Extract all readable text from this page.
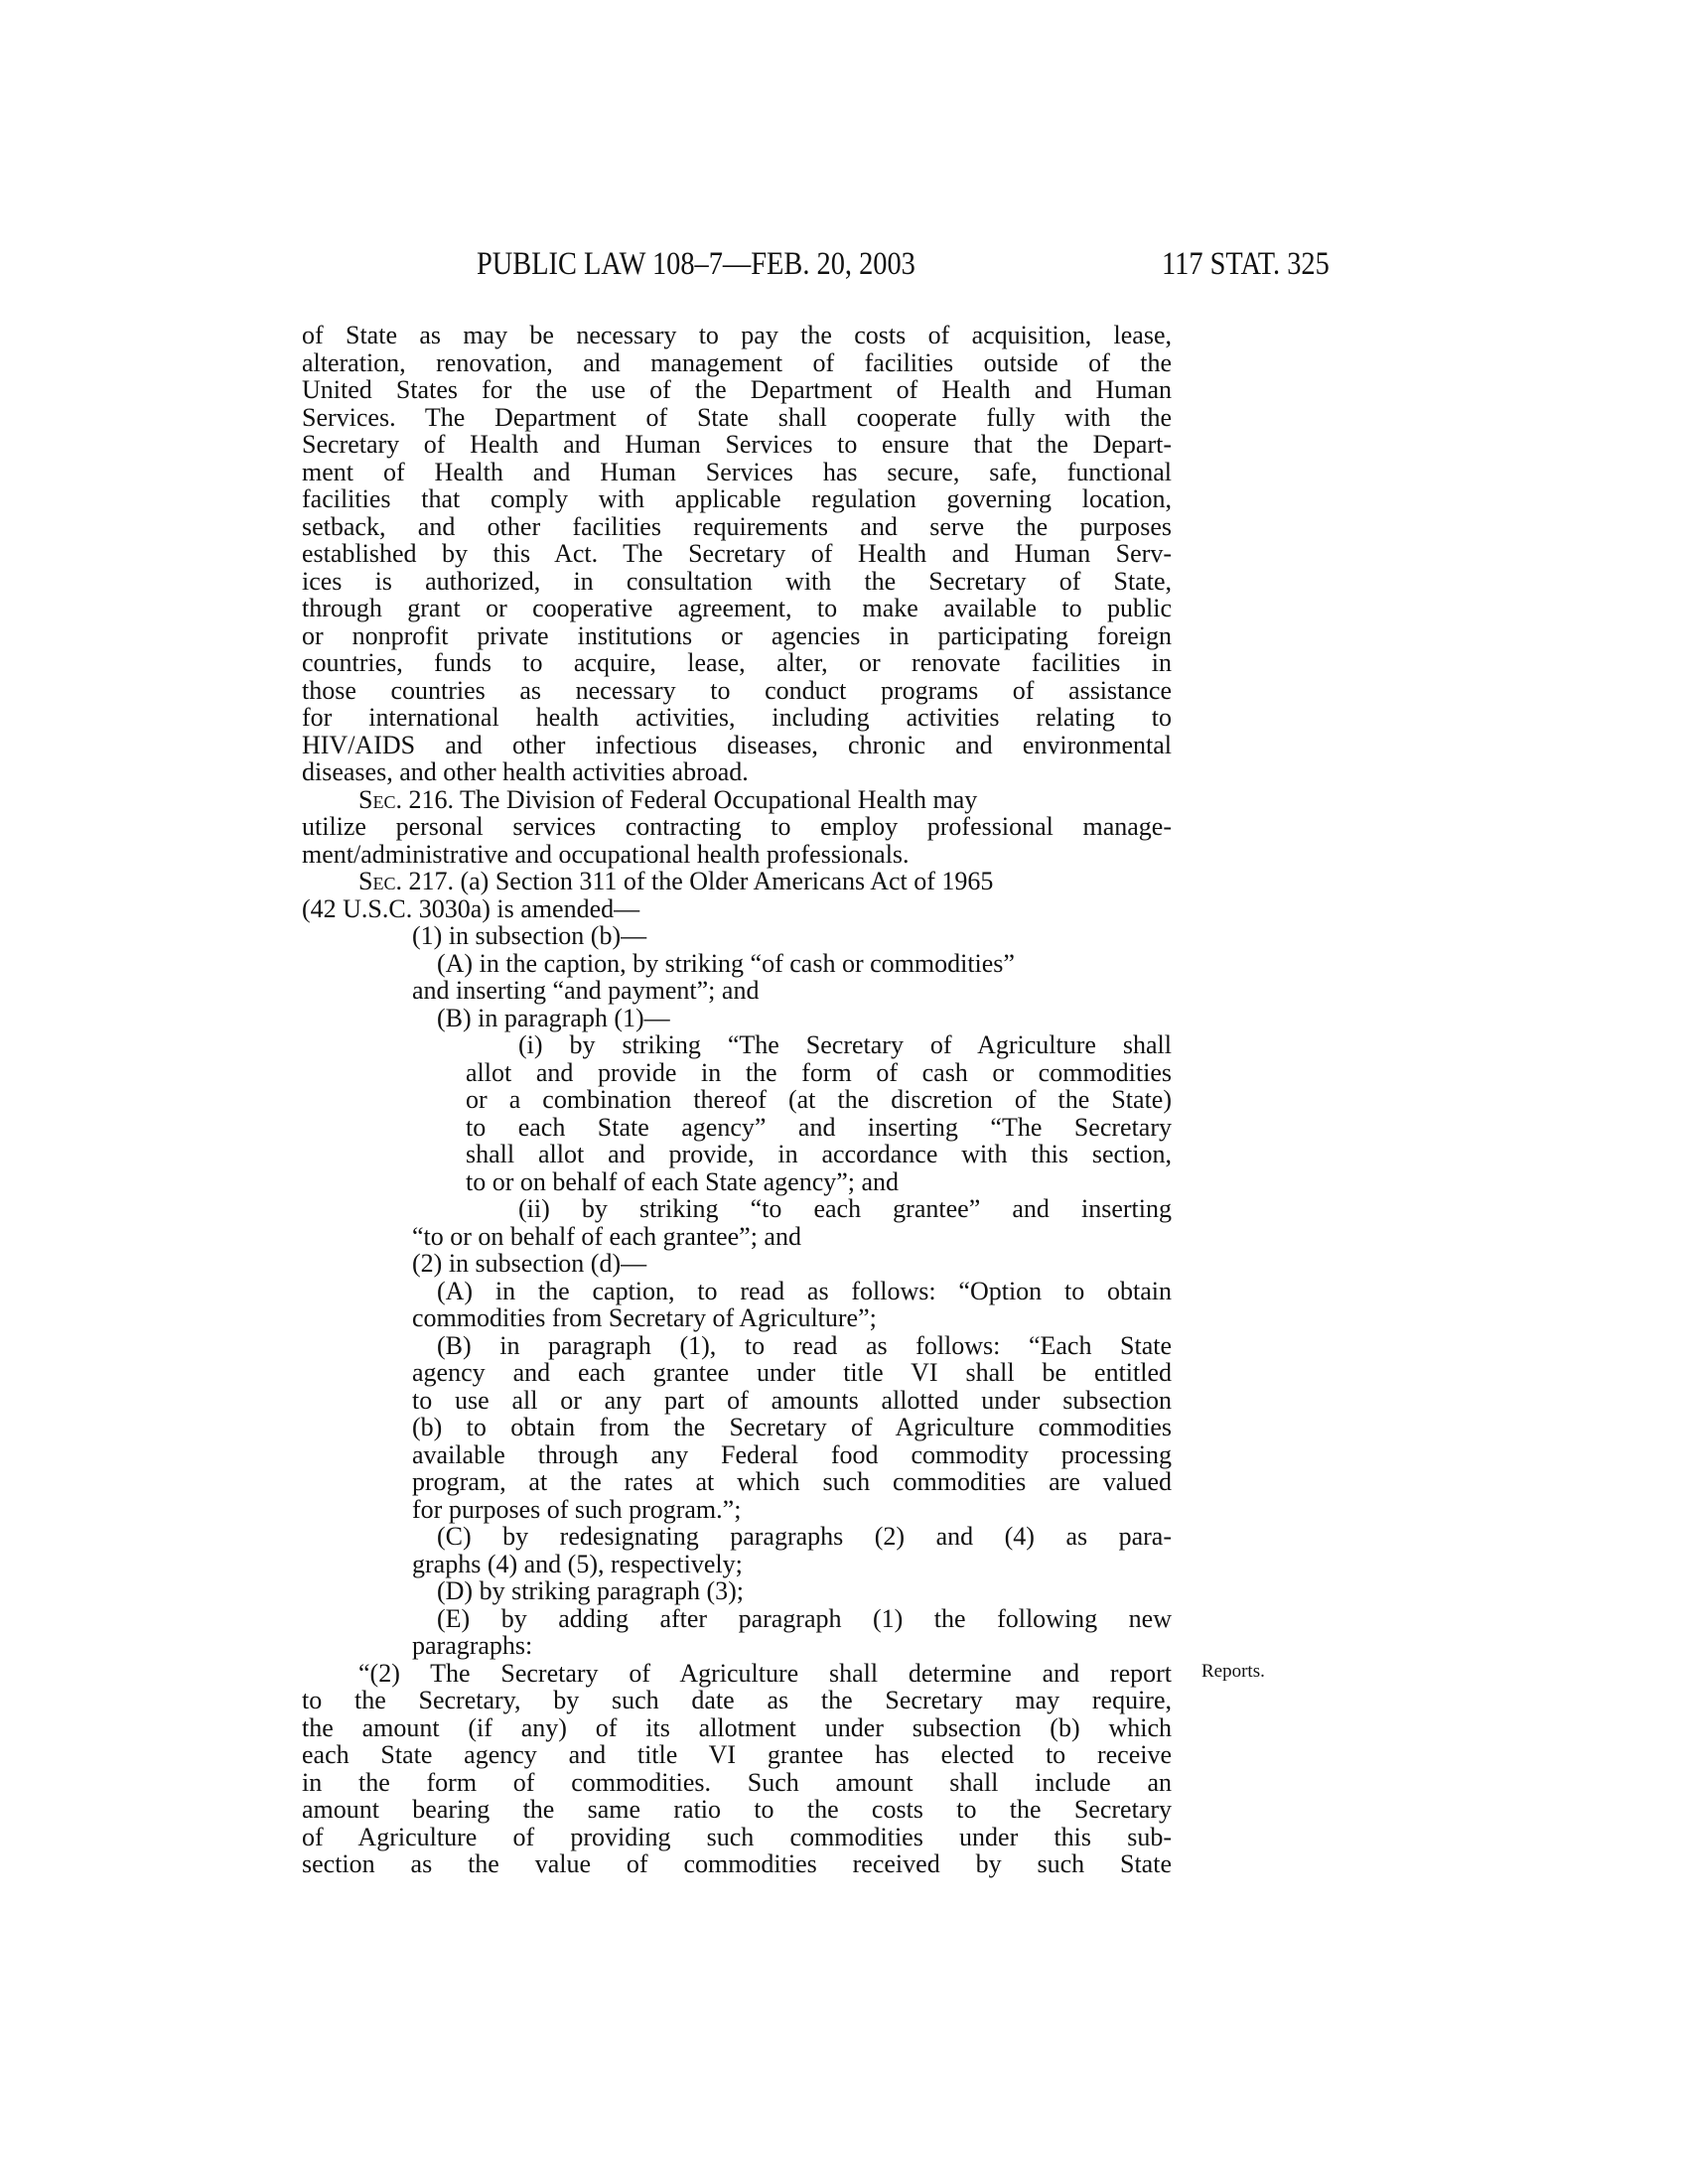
PUBLIC LAW 108–7—FEB. 20, 2003	117 STAT. 325
of State as may be necessary to pay the costs of acquisition, lease,
alteration, renovation, and management of facilities outside of the
United States for the use of the Department of Health and Human
Services. The Department of State shall cooperate fully with the
Secretary of Health and Human Services to ensure that the Depart-
ment of Health and Human Services has secure, safe, functional
facilities that comply with applicable regulation governing location,
setback, and other facilities requirements and serve the purposes
established by this Act. The Secretary of Health and Human Serv-
ices is authorized, in consultation with the Secretary of State,
through grant or cooperative agreement, to make available to public
or nonprofit private institutions or agencies in participating foreign
countries, funds to acquire, lease, alter, or renovate facilities in
those countries as necessary to conduct programs of assistance
for international health activities, including activities relating to
HIV/AIDS and other infectious diseases, chronic and environmental
diseases, and other health activities abroad.
Sec. 216. The Division of Federal Occupational Health may
utilize personal services contracting to employ professional manage-
ment/administrative and occupational health professionals.
Sec. 217. (a) Section 311 of the Older Americans Act of 1965
(42 U.S.C. 3030a) is amended—
(1) in subsection (b)—
(A) in the caption, by striking “of cash or commodities”
and inserting “and payment”; and
(B) in paragraph (1)—
(i) by striking “The Secretary of Agriculture shall
allot and provide in the form of cash or commodities
or a combination thereof (at the discretion of the State)
to each State agency” and inserting “The Secretary
shall allot and provide, in accordance with this section,
to or on behalf of each State agency”; and
(ii) by striking “to each grantee” and inserting
“to or on behalf of each grantee”; and
(2) in subsection (d)—
(A) in the caption, to read as follows: “Option to obtain
commodities from Secretary of Agriculture”;
(B) in paragraph (1), to read as follows: “Each State
agency and each grantee under title VI shall be entitled
to use all or any part of amounts allotted under subsection
(b) to obtain from the Secretary of Agriculture commodities
available through any Federal food commodity processing
program, at the rates at which such commodities are valued
for purposes of such program.”;
(C) by redesignating paragraphs (2) and (4) as para-
graphs (4) and (5), respectively;
(D) by striking paragraph (3);
(E) by adding after paragraph (1) the following new
paragraphs:
“(2) The Secretary of Agriculture shall determine and report
to the Secretary, by such date as the Secretary may require,
the amount (if any) of its allotment under subsection (b) which
each State agency and title VI grantee has elected to receive
in the form of commodities. Such amount shall include an
amount bearing the same ratio to the costs to the Secretary
of Agriculture of providing such commodities under this sub-
section as the value of commodities received by such State
Reports.
